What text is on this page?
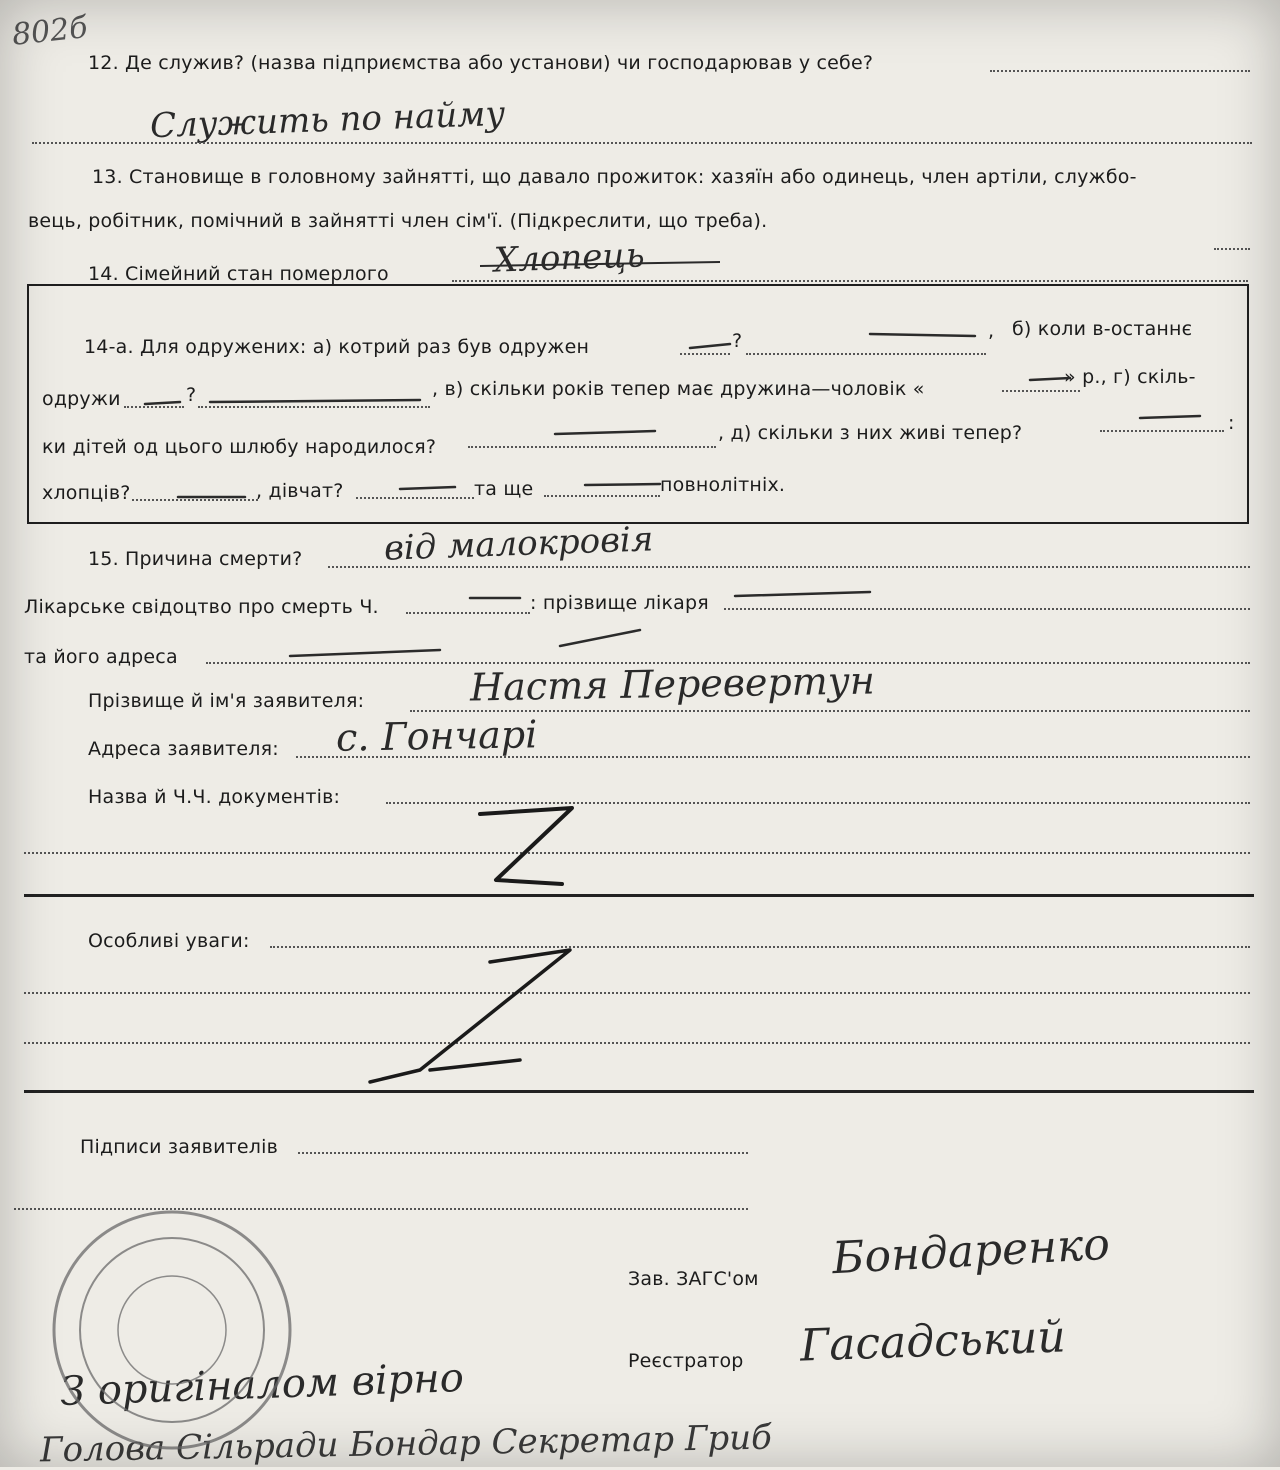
802б
12. Де служив? (назва підприємства або установи) чи господарював у себе?
Служить по найму
13. Становище в головному зайнятті, що давало прожиток: хазяїн або одинець, член артіли, службо-
вець, робітник, помічний в зайнятті член сім'ї. (Підкреслити, що треба).
14. Сімейний стан померлого	Хлопець
14-а. Для одружених: а) котрий раз був одружен	?	, б) коли в-останнє
одружи	?	, в) скільки років тепер має дружина—чоловік «
» р., г) скіль-
ки дітей од цього шлюбу народилося?
, д) скільки з них живі тепер?	:
хлопців?	, дівчат?	та ще	повнолітніх.
15. Причина смерти? від малокровія
Лікарське свідоцтво про смерть Ч.	: прізвище лікаря
та його адреса
Прізвище й ім'я заявителя:	Настя Перевертун
Адреса заявителя: с. Гончарі
Назва й Ч.Ч. документів:
Особливі уваги:
Підписи заявителів
Зав. ЗАГС'ом Бондаренко
Реєстратор Гасадський
З оригіналом вірно
Голова Сільради Бондар Секретар Гриб
